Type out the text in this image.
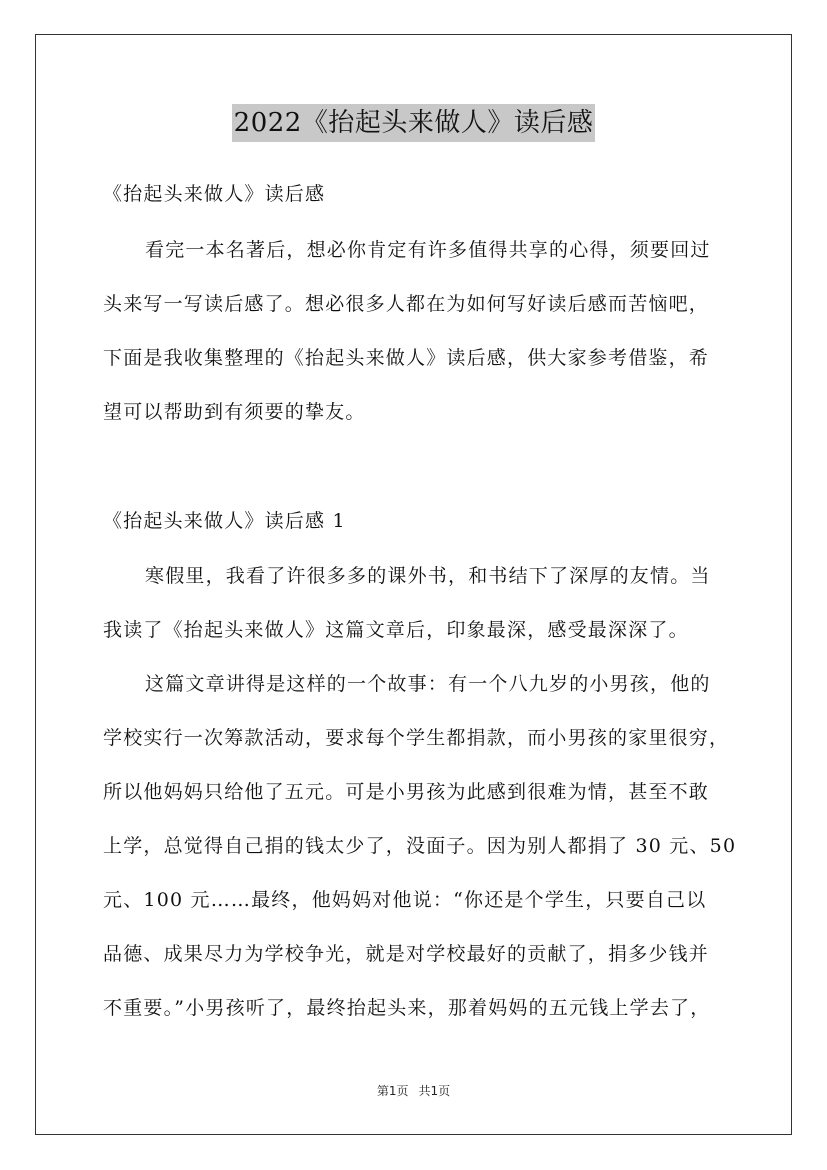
2022《抬起头来做人》读后感
《抬起头来做人》读后感
看完一本名著后，想必你肯定有许多值得共享的心得，须要回过
头来写一写读后感了。想必很多人都在为如何写好读后感而苦恼吧，
下面是我收集整理的《抬起头来做人》读后感，供大家参考借鉴，希
望可以帮助到有须要的挚友。
《抬起头来做人》读后感 1
寒假里，我看了许很多多的课外书，和书结下了深厚的友情。当
我读了《抬起头来做人》这篇文章后，印象最深，感受最深深了。
这篇文章讲得是这样的一个故事：有一个八九岁的小男孩，他的
学校实行一次筹款活动，要求每个学生都捐款，而小男孩的家里很穷，
所以他妈妈只给他了五元。可是小男孩为此感到很难为情，甚至不敢
上学，总觉得自己捐的钱太少了，没面子。因为别人都捐了 30 元、50
元、100 元……最终，他妈妈对他说：“你还是个学生，只要自己以
品德、成果尽力为学校争光，就是对学校最好的贡献了，捐多少钱并
不重要。”小男孩听了，最终抬起头来，那着妈妈的五元钱上学去了，
第1页 共1页
